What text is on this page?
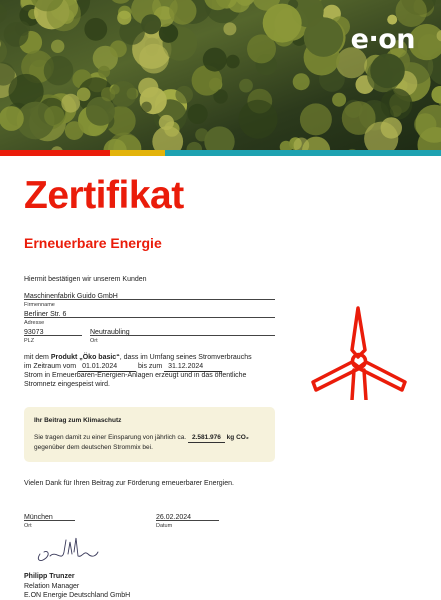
e·on
Zertifikat
Erneuerbare Energie
Hiermit bestätigen wir unserem Kunden
Maschinenfabrik Guido GmbH
Firmenname
Berliner Str. 6
Adresse
93073
PLZ
Neutraubling
Ort
mit dem Produkt „Öko basic“, dass im Umfang seines Stromverbrauchs
im Zeitraum vom 01.01.2024	bis zum 31.12.2024
Strom in Erneuerbaren-Energien-Anlagen erzeugt und in das öffentliche
Stromnetz eingespeist wird.
Ihr Beitrag zum Klimaschutz
Sie tragen damit zu einer Einsparung von jährlich ca. 2.581.976 kg CO₂
gegenüber dem deutschen Strommix bei.
Vielen Dank für Ihren Beitrag zur Förderung erneuerbarer Energien.
München
Ort
26.02.2024
Datum
Philipp Trunzer
Relation Manager
E.ON Energie Deutschland GmbH
